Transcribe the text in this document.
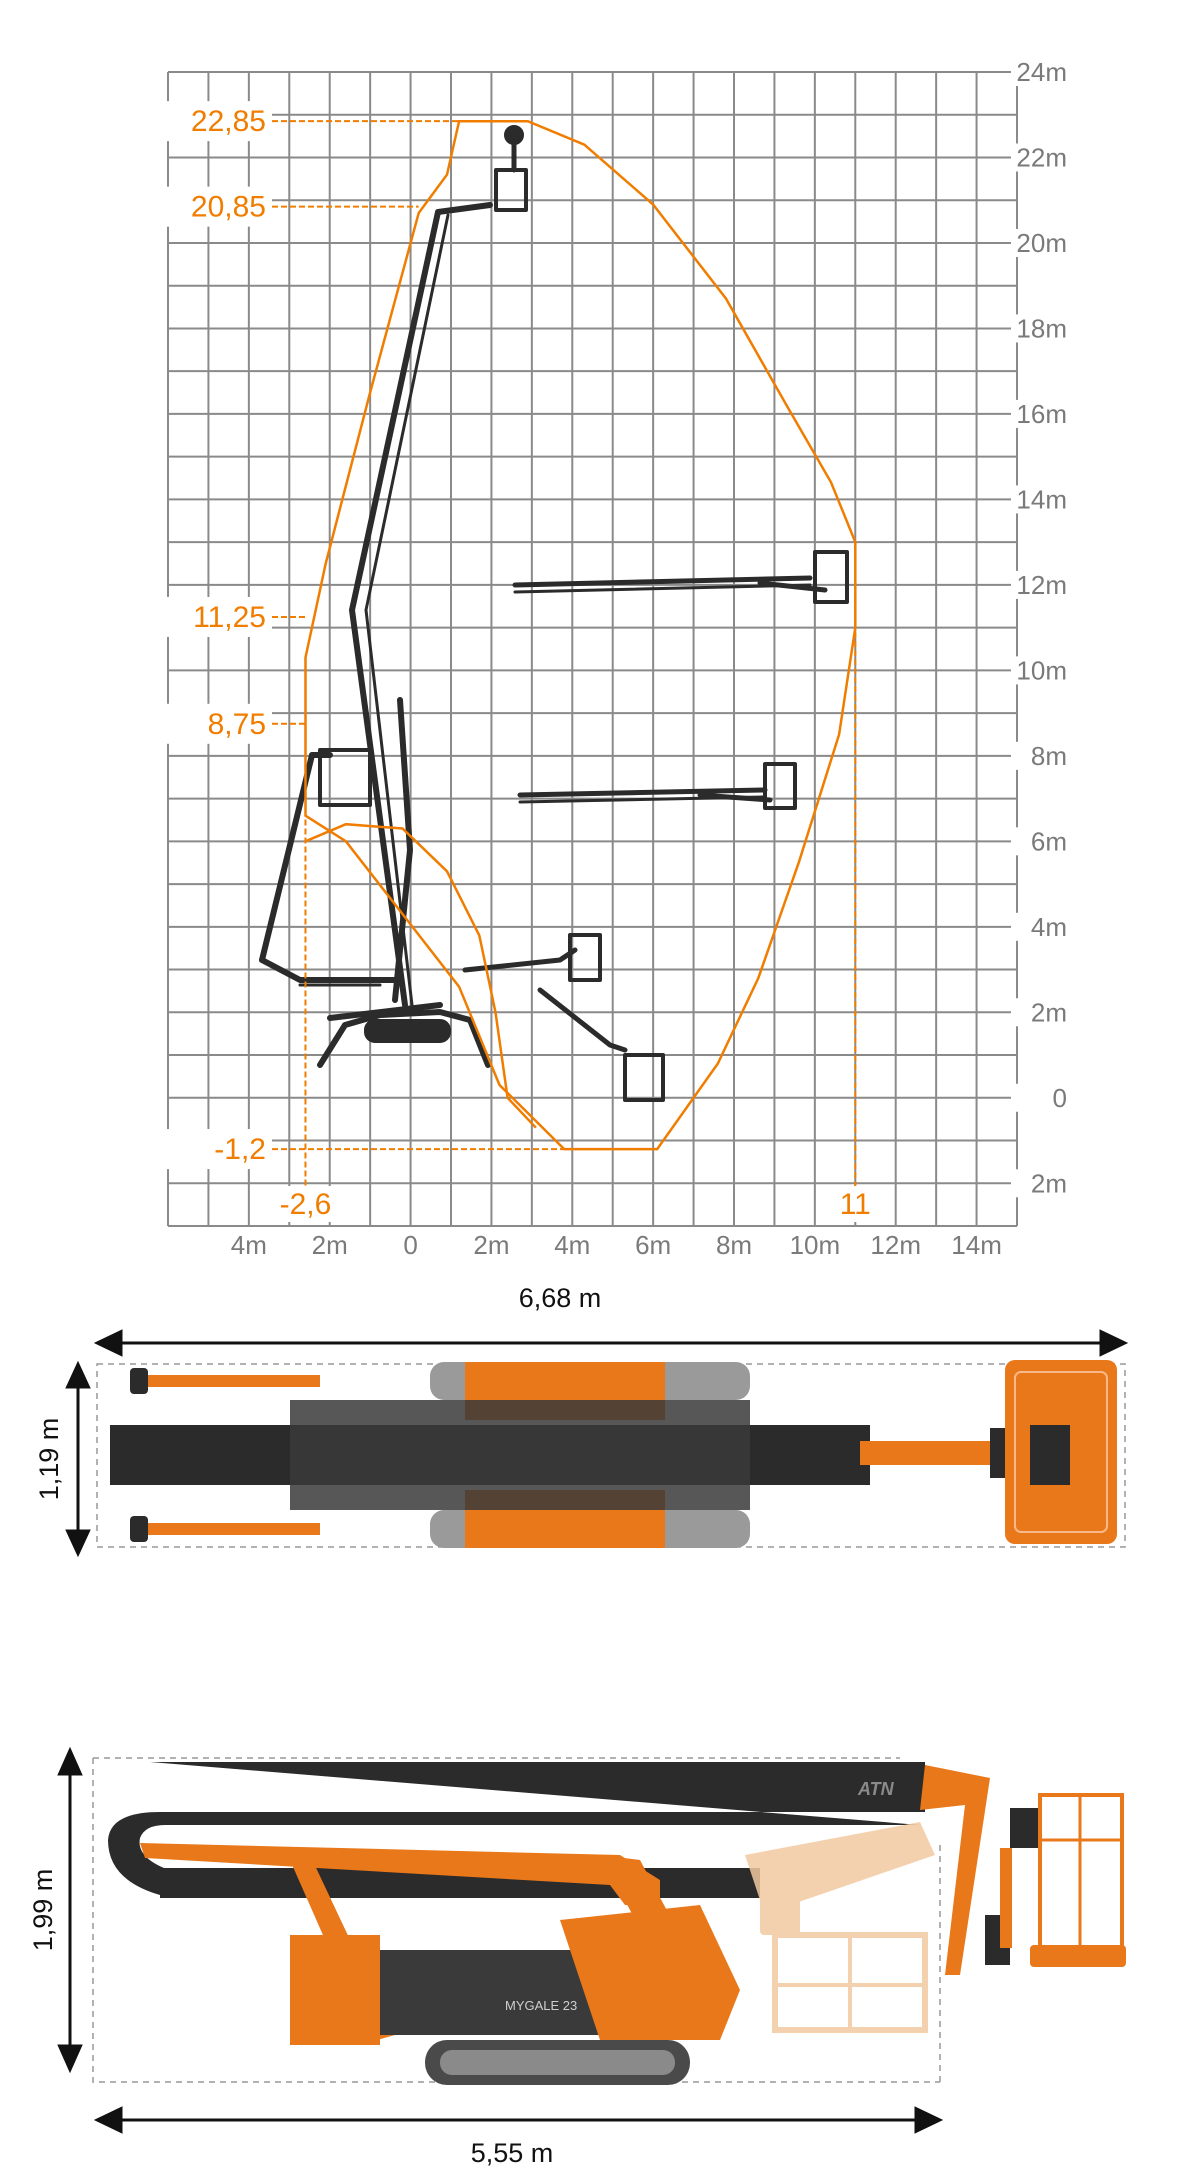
24m
22m
20m
18m
16m
14m
12m
10m
8m
6m
4m
2m
0
2m
4m 2m 0 2m 4m 6m 8m 10m 12m 14m
22,85
20,85
11,25
8,75
-1,2
-2,6	11
6,68 m
1,19 m
1,99 m
5,55 m
ATN
MYGALE 23
